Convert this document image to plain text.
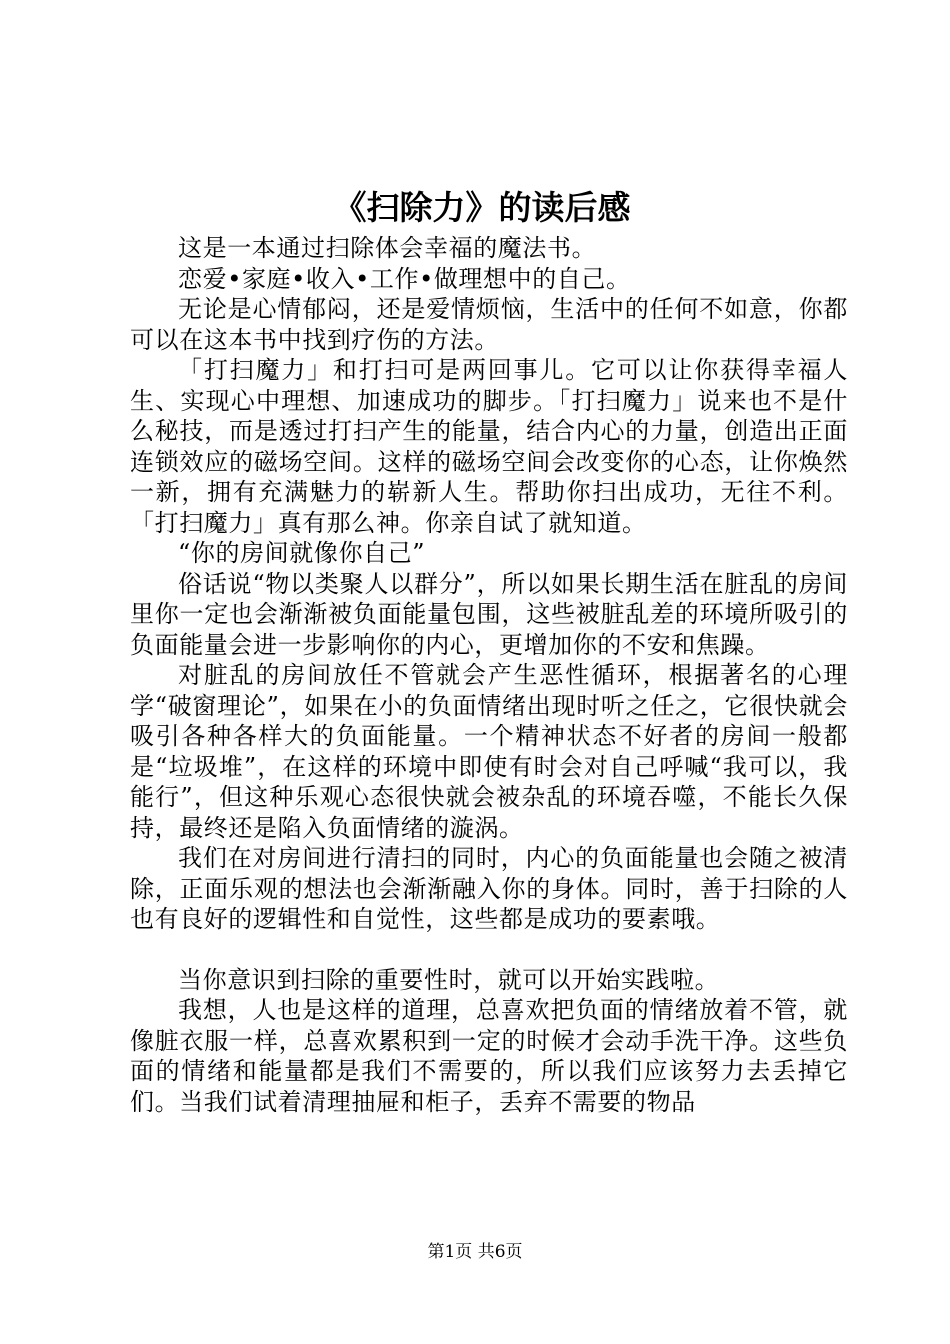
《扫除力》的读后感

这是一本通过扫除体会幸福的魔法书。

恋爱•家庭•收入•工作•做理想中的自己。

无论是心情郁闷，还是爱情烦恼，生活中的任何不如意，你都可以在这本书中找到疗伤的方法。

「打扫魔力」和打扫可是两回事儿。它可以让你获得幸福人生、实现心中理想、加速成功的脚步。「打扫魔力」说来也不是什么秘技，而是透过打扫产生的能量，结合内心的力量，创造出正面连锁效应的磁场空间。这样的磁场空间会改变你的心态，让你焕然一新，拥有充满魅力的崭新人生。帮助你扫出成功，无往不利。「打扫魔力」真有那么神。你亲自试了就知道。

“你的房间就像你自己”

俗话说“物以类聚人以群分”，所以如果长期生活在脏乱的房间里你一定也会渐渐被负面能量包围，这些被脏乱差的环境所吸引的负面能量会进一步影响你的内心，更增加你的不安和焦躁。

对脏乱的房间放任不管就会产生恶性循环，根据著名的心理学“破窗理论”，如果在小的负面情绪出现时听之任之，它很快就会吸引各种各样大的负面能量。一个精神状态不好者的房间一般都是“垃圾堆”，在这样的环境中即使有时会对自己呼喊“我可以，我能行”，但这种乐观心态很快就会被杂乱的环境吞噬，不能长久保持，最终还是陷入负面情绪的漩涡。

我们在对房间进行清扫的同时，内心的负面能量也会随之被清除，正面乐观的想法也会渐渐融入你的身体。同时，善于扫除的人也有良好的逻辑性和自觉性，这些都是成功的要素哦。

当你意识到扫除的重要性时，就可以开始实践啦。

我想，人也是这样的道理，总喜欢把负面的情绪放着不管，就像脏衣服一样，总喜欢累积到一定的时候才会动手洗干净。这些负面的情绪和能量都是我们不需要的，所以我们应该努力去丢掉它们。当我们试着清理抽屉和柜子，丢弃不需要的物品

第1页 共6页
